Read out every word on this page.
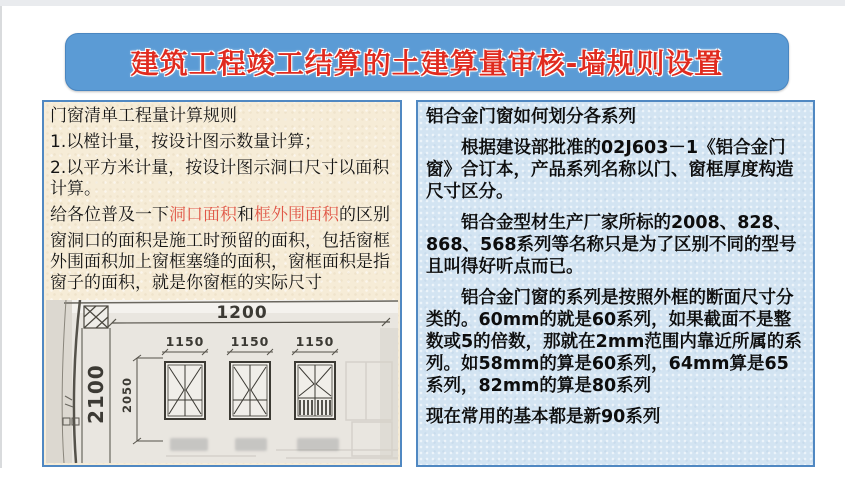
建筑工程竣工结算的土建算量审核-墙规则设置

门窗清单工程量计算规则

1.以樘计量，按设计图示数量计算；

2.以平方米计量，按设计图示洞口尺寸以面积计算。

给各位普及一下洞口面积和框外围面积的区别

窗洞口的面积是施工时预留的面积，包括窗框外围面积加上窗框塞缝的面积，窗框面积是指窗子的面积，就是你窗框的实际尺寸

2100 2050
1200
1150 1150 1150

铝合金门窗如何划分各系列

根据建设部批准的02J603－1《铝合金门窗》合订本，产品系列名称以门、窗框厚度构造尺寸区分。

铝合金型材生产厂家所标的2008、828、868、568系列等名称只是为了区别不同的型号且叫得好听点而已。

铝合金门窗的系列是按照外框的断面尺寸分类的。60mm的就是60系列，如果截面不是整数或5的倍数，那就在2mm范围内靠近所属的系列。如58mm的算是60系列，64mm算是65系列，82mm的算是80系列

现在常用的基本都是新90系列
